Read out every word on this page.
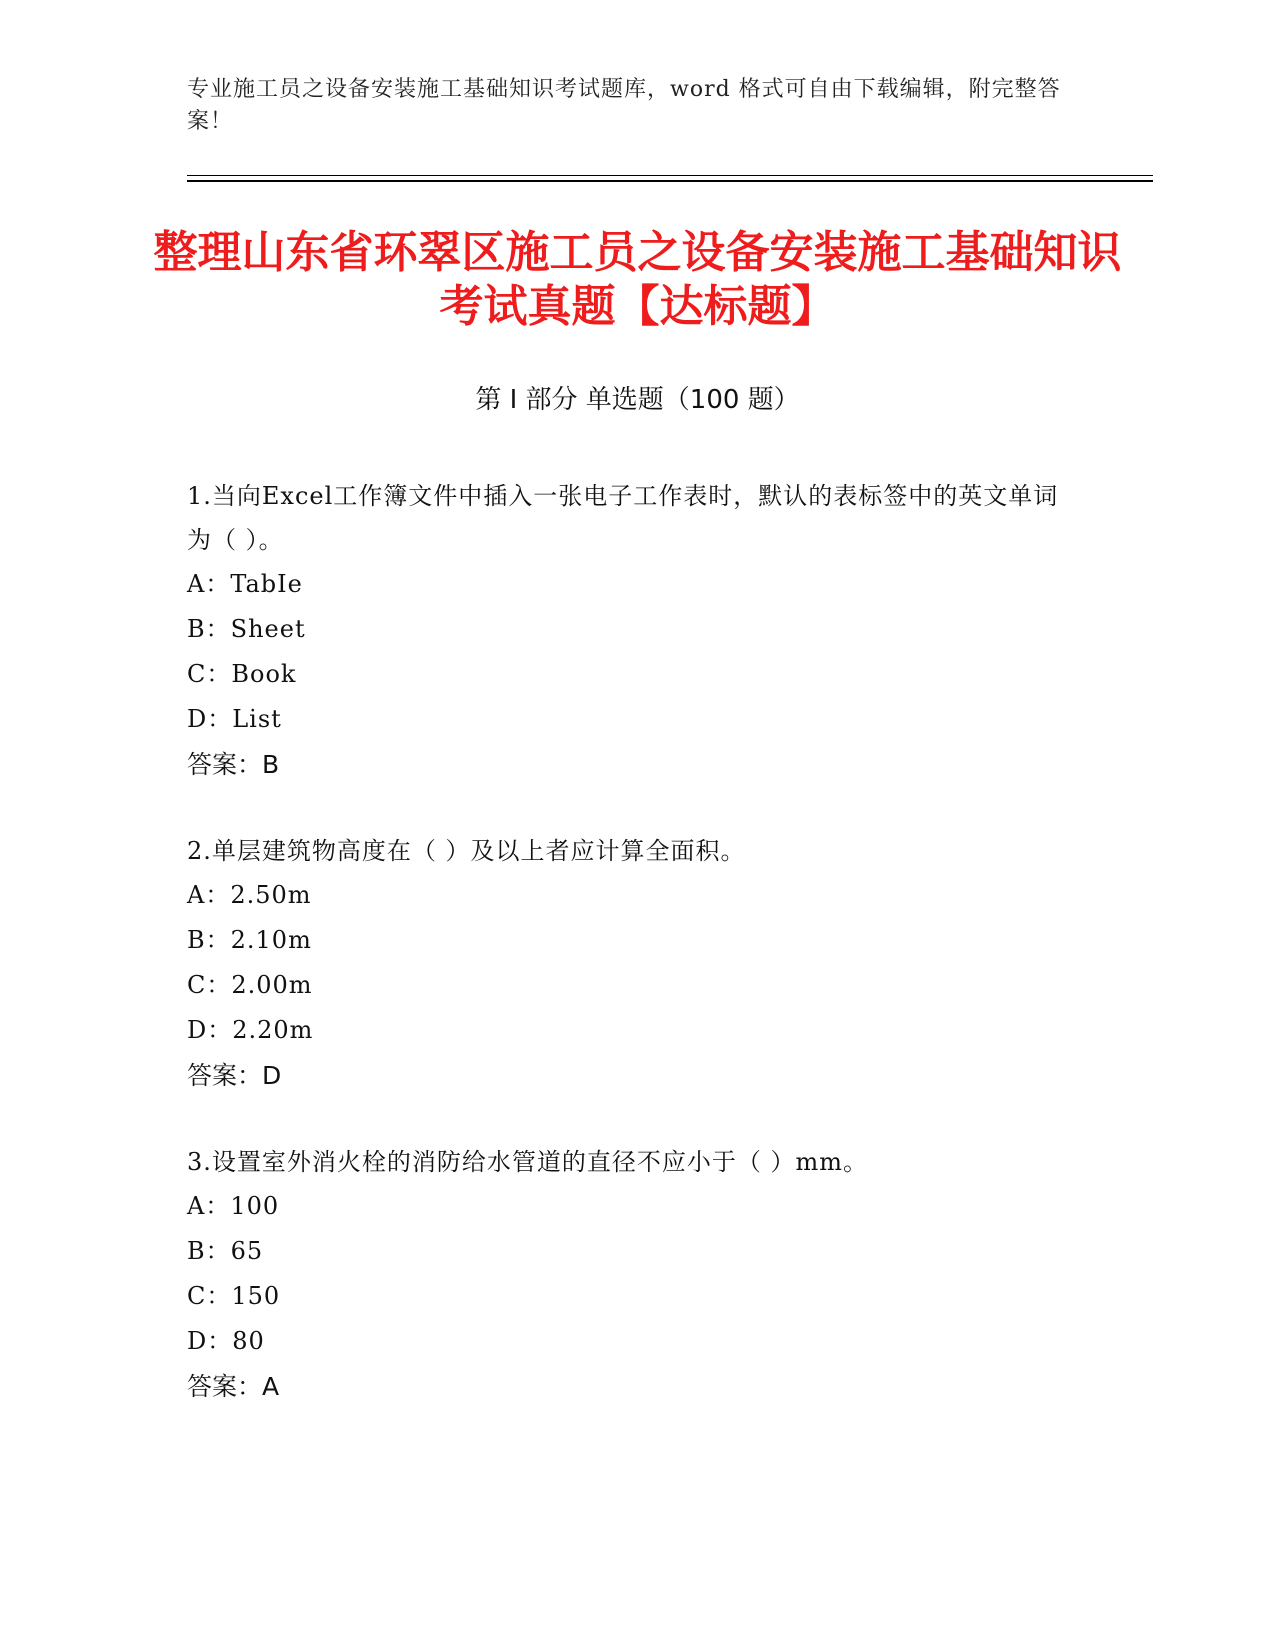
专业施工员之设备安装施工基础知识考试题库，word 格式可自由下载编辑，附完整答案！
整理山东省环翠区施工员之设备安装施工基础知识考试真题【达标题】
第 I 部分 单选题（100 题）
1.当向Excel工作簿文件中插入一张电子工作表时，默认的表标签中的英文单词为（ ）。
A：TabIe
B：Sheet
C：Book
D：List
答案：B
2.单层建筑物高度在（ ）及以上者应计算全面积。
A：2.50m
B：2.10m
C：2.00m
D：2.20m
答案：D
3.设置室外消火栓的消防给水管道的直径不应小于（ ）mm。
A：100
B：65
C：150
D：80
答案：A
